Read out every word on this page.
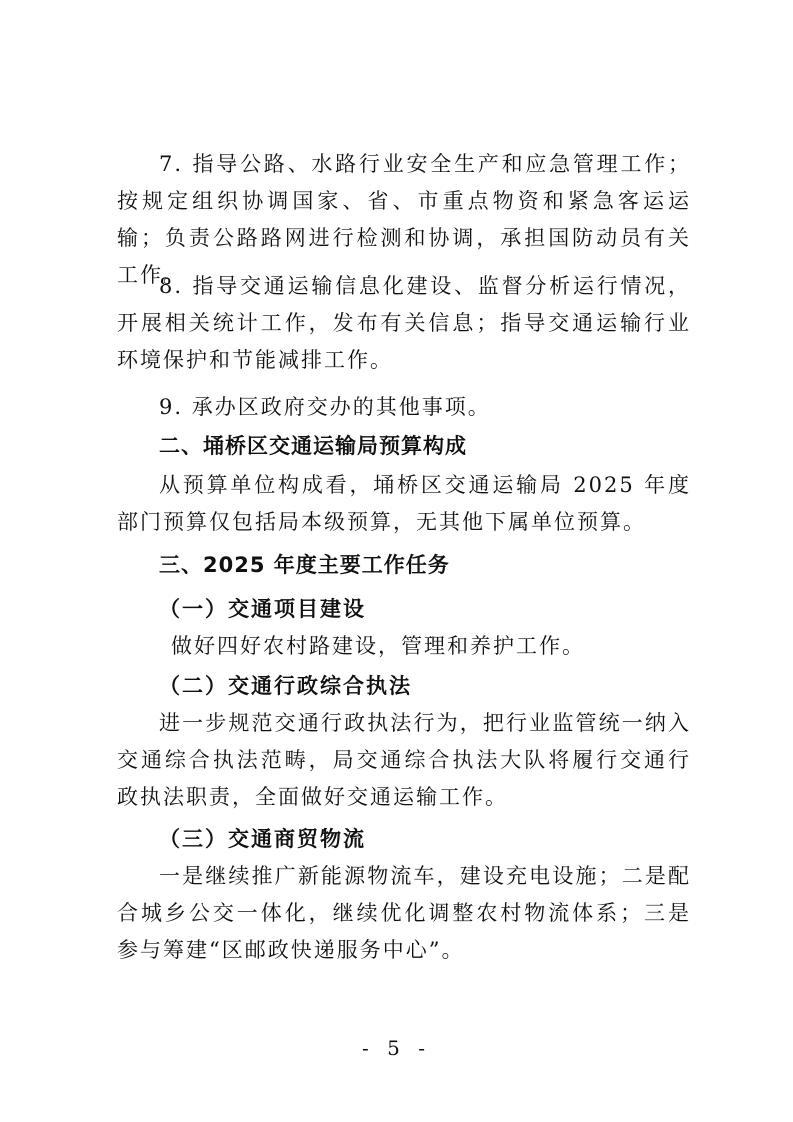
7. 指导公路、水路行业安全生产和应急管理工作；按规定组织协调国家、省、市重点物资和紧急客运运输；负责公路路网进行检测和协调，承担国防动员有关工作。

8. 指导交通运输信息化建设、监督分析运行情况，开展相关统计工作，发布有关信息；指导交通运输行业环境保护和节能减排工作。

9. 承办区政府交办的其他事项。

二、埇桥区交通运输局预算构成

从预算单位构成看，埇桥区交通运输局 2025 年度部门预算仅包括局本级预算，无其他下属单位预算。

三、2025 年度主要工作任务

（一）交通项目建设

做好四好农村路建设，管理和养护工作。

（二）交通行政综合执法

进一步规范交通行政执法行为，把行业监管统一纳入交通综合执法范畴，局交通综合执法大队将履行交通行政执法职责，全面做好交通运输工作。

（三）交通商贸物流

一是继续推广新能源物流车，建设充电设施；二是配合城乡公交一体化，继续优化调整农村物流体系；三是参与筹建“区邮政快递服务中心”。

- 5 -
